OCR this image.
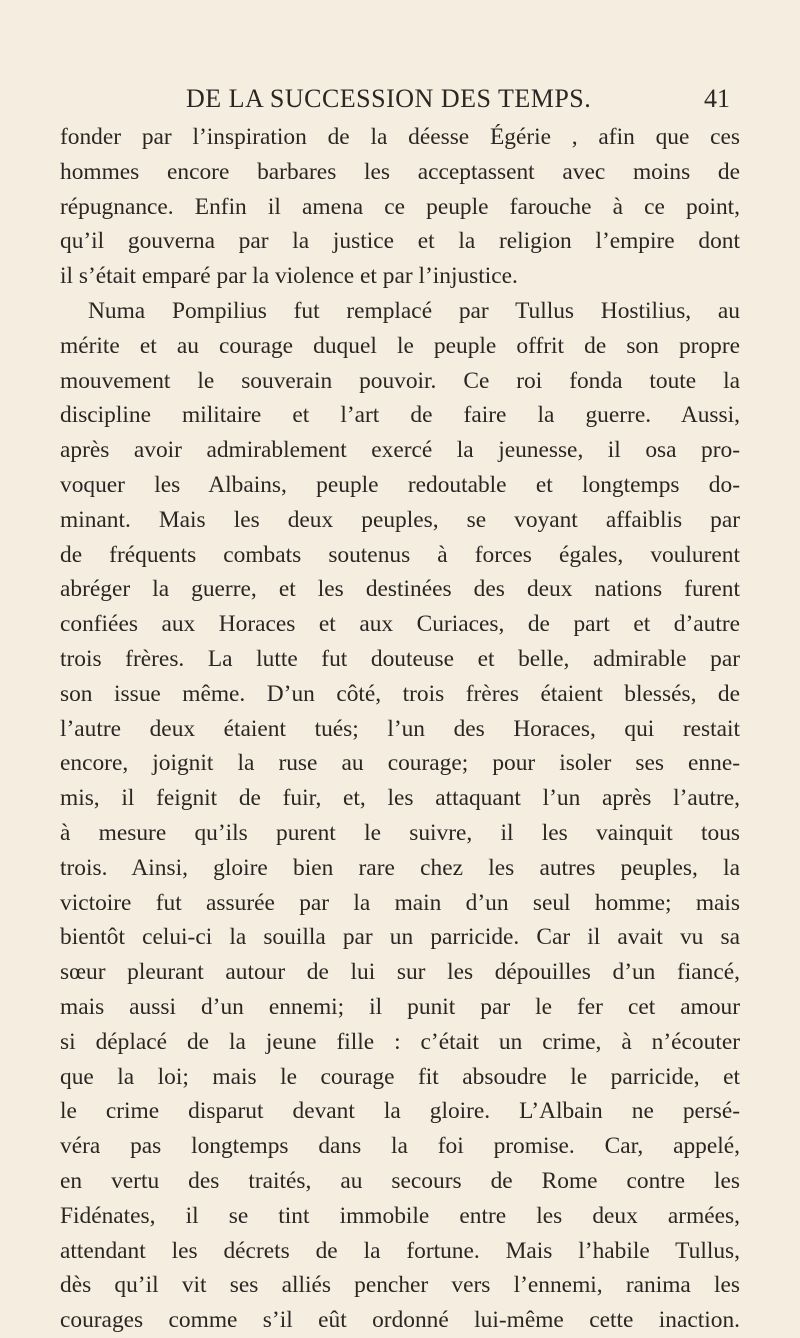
DE LA SUCCESSION DES TEMPS.	41
fonder par l’inspiration de la déesse Égérie , afin que ces
hommes encore barbares les acceptassent avec moins de
répugnance. Enfin il amena ce peuple farouche à ce point,
qu’il gouverna par la justice et la religion l’empire dont
il s’était emparé par la violence et par l’injustice.
Numa Pompilius fut remplacé par Tullus Hostilius, au
mérite et au courage duquel le peuple offrit de son propre
mouvement le souverain pouvoir. Ce roi fonda toute la
discipline militaire et l’art de faire la guerre. Aussi,
après avoir admirablement exercé la jeunesse, il osa pro-
voquer les Albains, peuple redoutable et longtemps do-
minant. Mais les deux peuples, se voyant affaiblis par
de fréquents combats soutenus à forces égales, voulurent
abréger la guerre, et les destinées des deux nations furent
confiées aux Horaces et aux Curiaces, de part et d’autre
trois frères. La lutte fut douteuse et belle, admirable par
son issue même. D’un côté, trois frères étaient blessés, de
l’autre deux étaient tués; l’un des Horaces, qui restait
encore, joignit la ruse au courage; pour isoler ses enne-
mis, il feignit de fuir, et, les attaquant l’un après l’autre,
à mesure qu’ils purent le suivre, il les vainquit tous
trois. Ainsi, gloire bien rare chez les autres peuples, la
victoire fut assurée par la main d’un seul homme; mais
bientôt celui-ci la souilla par un parricide. Car il avait vu sa
sœur pleurant autour de lui sur les dépouilles d’un fiancé,
mais aussi d’un ennemi; il punit par le fer cet amour
si déplacé de la jeune fille : c’était un crime, à n’écouter
que la loi; mais le courage fit absoudre le parricide, et
le crime disparut devant la gloire. L’Albain ne persé-
véra pas longtemps dans la foi promise. Car, appelé,
en vertu des traités, au secours de Rome contre les
Fidénates, il se tint immobile entre les deux armées,
attendant les décrets de la fortune. Mais l’habile Tullus,
dès qu’il vit ses alliés pencher vers l’ennemi, ranima les
courages comme s’il eût ordonné lui-même cette inaction.
